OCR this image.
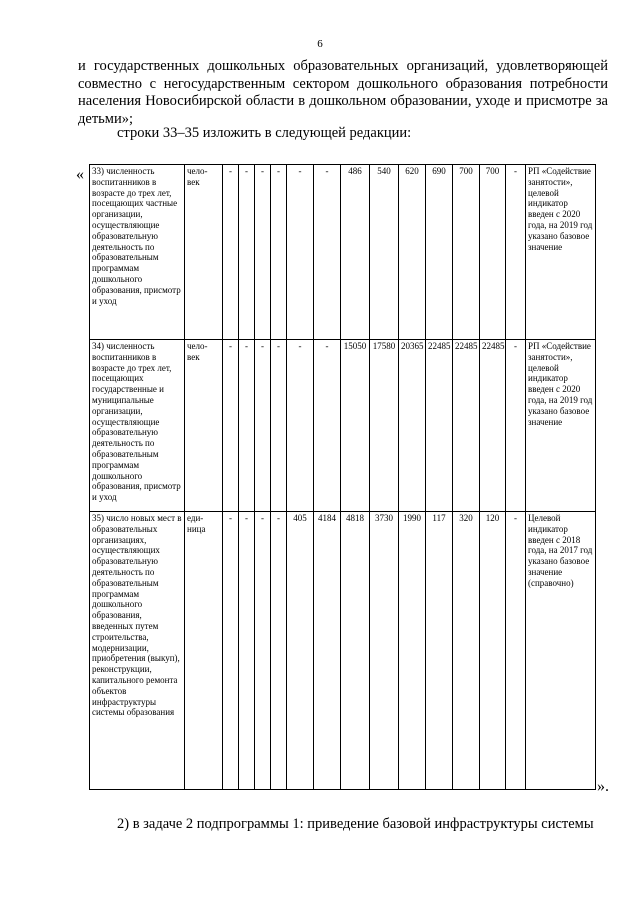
6
и государственных дошкольных образовательных организаций, удовлетворяющей совместно с негосударственным сектором дошкольного образования потребности населения Новосибирской области в дошкольном образовании, уходе и присмотре за детьми»;
строки 33–35 изложить в следующей редакции:
« 33) численность воспитанников в возрасте до трех лет, посещающих частные организации, осуществляющие образовательную деятельность по образовательным программам дошкольного образования, присмотр и уход	чело-век	-	-	-	-	-	-	486	540	620	690	700	700	-	РП «Содействие занятости», целевой индикатор введен с 2020 года, на 2019 год указано базовое значение
34) численность воспитанников в возрасте до трех лет, посещающих государственные и муниципальные организации, осуществляющие образовательную деятельность по образовательным программам дошкольного образования, присмотр и уход	чело-век	-	-	-	-	-	-	15050	17580	20365	22485	22485	22485	-	РП «Содействие занятости», целевой индикатор введен с 2020 года, на 2019 год указано базовое значение
35) число новых мест в образовательных организациях, осуществляющих образовательную деятельность по образовательным программам дошкольного образования, введенных путем строительства, модернизации, приобретения (выкуп), реконструкции, капитального ремонта объектов инфраструктуры системы образования	еди-ница	-	-	-	-	405	4184	4818	3730	1990	117	320	120	-	Целевой индикатор введен с 2018 года, на 2017 год указано базовое значение (справочно)
».
2) в задаче 2 подпрограммы 1: приведение базовой инфраструктуры системы
